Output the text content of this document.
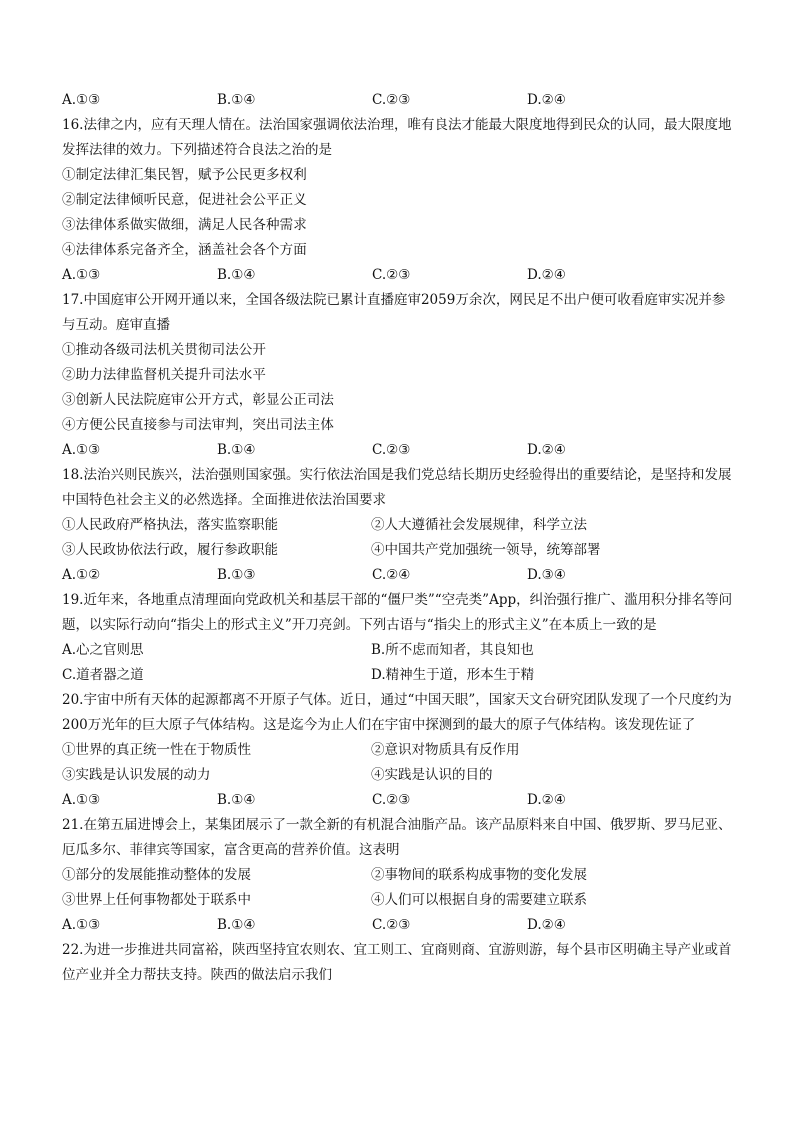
A.①③	B.①④	C.②③	D.②④
16.法律之内，应有天理人情在。法治国家强调依法治理，唯有良法才能最大限度地得到民众的认同，最大限度地发挥法律的效力。下列描述符合良法之治的是
①制定法律汇集民智，赋予公民更多权利
②制定法律倾听民意，促进社会公平正义
③法律体系做实做细，满足人民各种需求
④法律体系完备齐全，涵盖社会各个方面
A.①③	B.①④	C.②③	D.②④
17.中国庭审公开网开通以来，全国各级法院已累计直播庭审2059万余次，网民足不出户便可收看庭审实况并参与互动。庭审直播
①推动各级司法机关贯彻司法公开
②助力法律监督机关提升司法水平
③创新人民法院庭审公开方式，彰显公正司法
④方便公民直接参与司法审判，突出司法主体
A.①③	B.①④	C.②③	D.②④
18.法治兴则民族兴，法治强则国家强。实行依法治国是我们党总结长期历史经验得出的重要结论，是坚持和发展中国特色社会主义的必然选择。全面推进依法治国要求
①人民政府严格执法，落实监察职能	②人大遵循社会发展规律，科学立法
③人民政协依法行政，履行参政职能	④中国共产党加强统一领导，统筹部署
A.①②	B.①③	C.②④	D.③④
19.近年来，各地重点清理面向党政机关和基层干部的“僵尸类”“空壳类”App，纠治强行推广、滥用积分排名等问题，以实际行动向“指尖上的形式主义”开刀亮剑。下列古语与“指尖上的形式主义”在本质上一致的是
A.心之官则思	B.所不虑而知者，其良知也
C.道者器之道	D.精神生于道，形本生于精
20.宇宙中所有天体的起源都离不开原子气体。近日，通过“中国天眼”，国家天文台研究团队发现了一个尺度约为200万光年的巨大原子气体结构。这是迄今为止人们在宇宙中探测到的最大的原子气体结构。该发现佐证了
①世界的真正统一性在于物质性	②意识对物质具有反作用
③实践是认识发展的动力	④实践是认识的目的
A.①③	B.①④	C.②③	D.②④
21.在第五届进博会上，某集团展示了一款全新的有机混合油脂产品。该产品原料来自中国、俄罗斯、罗马尼亚、厄瓜多尔、菲律宾等国家，富含更高的营养价值。这表明
①部分的发展能推动整体的发展	②事物间的联系构成事物的变化发展
③世界上任何事物都处于联系中	④人们可以根据自身的需要建立联系
A.①③	B.①④	C.②③	D.②④
22.为进一步推进共同富裕，陕西坚持宜农则农、宜工则工、宜商则商、宜游则游，每个县市区明确主导产业或首位产业并全力帮扶支持。陕西的做法启示我们
